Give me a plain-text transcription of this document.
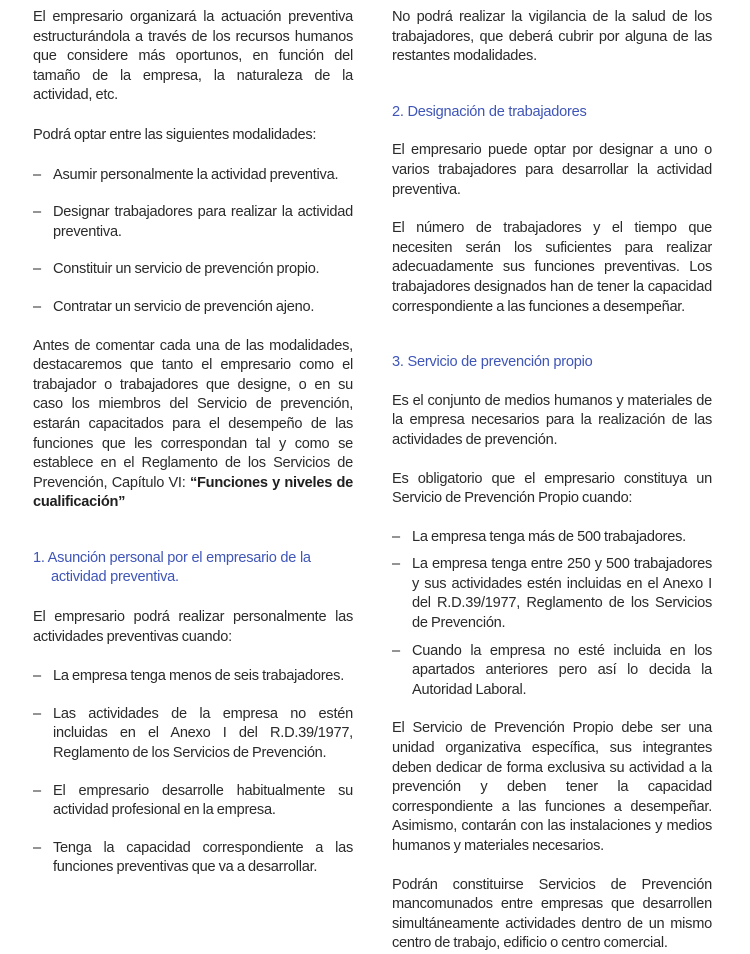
El empresario organizará la actuación preventiva estructurándola a través de los recursos humanos que considere más oportunos, en función del tamaño de la empresa, la naturaleza de la actividad, etc.

Podrá optar entre las siguientes modalidades:

– Asumir personalmente la actividad preventiva.
– Designar trabajadores para realizar la actividad preventiva.
– Constituir un servicio de prevención propio.
– Contratar un servicio de prevención ajeno.

Antes de comentar cada una de las modalidades, destacaremos que tanto el empresario como el trabajador o trabajadores que designe, o en su caso los miembros del Servicio de prevención, estarán capacitados para el desempeño de las funciones que les correspondan tal y como se establece en el Reglamento de los Servicios de Prevención, Capítulo VI: “Funciones y niveles de cualificación”

1. Asunción personal por el empresario de la actividad preventiva.

El empresario podrá realizar personalmente las actividades preventivas cuando:

– La empresa tenga menos de seis trabajadores.
– Las actividades de la empresa no estén incluidas en el Anexo I del R.D.39/1977, Reglamento de los Servicios de Prevención.
– El empresario desarrolle habitualmente su actividad profesional en la empresa.
– Tenga la capacidad correspondiente a las funciones preventivas que va a desarrollar.

No podrá realizar la vigilancia de la salud de los trabajadores, que deberá cubrir por alguna de las restantes modalidades.

2. Designación de trabajadores

El empresario puede optar por designar a uno o varios trabajadores para desarrollar la actividad preventiva.

El número de trabajadores y el tiempo que necesiten serán los suficientes para realizar adecuadamente sus funciones preventivas. Los trabajadores designados han de tener la capacidad correspondiente a las funciones a desempeñar.

3. Servicio de prevención propio

Es el conjunto de medios humanos y materiales de la empresa necesarios para la realización de las actividades de prevención.

Es obligatorio que el empresario constituya un Servicio de Prevención Propio cuando:

– La empresa tenga más de 500 trabajadores.
– La empresa tenga entre 250 y 500 trabajadores y sus actividades estén incluidas en el Anexo I del R.D.39/1977, Reglamento de los Servicios de Prevención.
– Cuando la empresa no esté incluida en los apartados anteriores pero así lo decida la Autoridad Laboral.

El Servicio de Prevención Propio debe ser una unidad organizativa específica, sus integrantes deben dedicar de forma exclusiva su actividad a la prevención y deben tener la capacidad correspondiente a las funciones a desempeñar. Asimismo, contarán con las instalaciones y medios humanos y materiales necesarios.

Podrán constituirse Servicios de Prevención mancomunados entre empresas que desarrollen simultáneamente actividades dentro de un mismo centro de trabajo, edificio o centro comercial.
